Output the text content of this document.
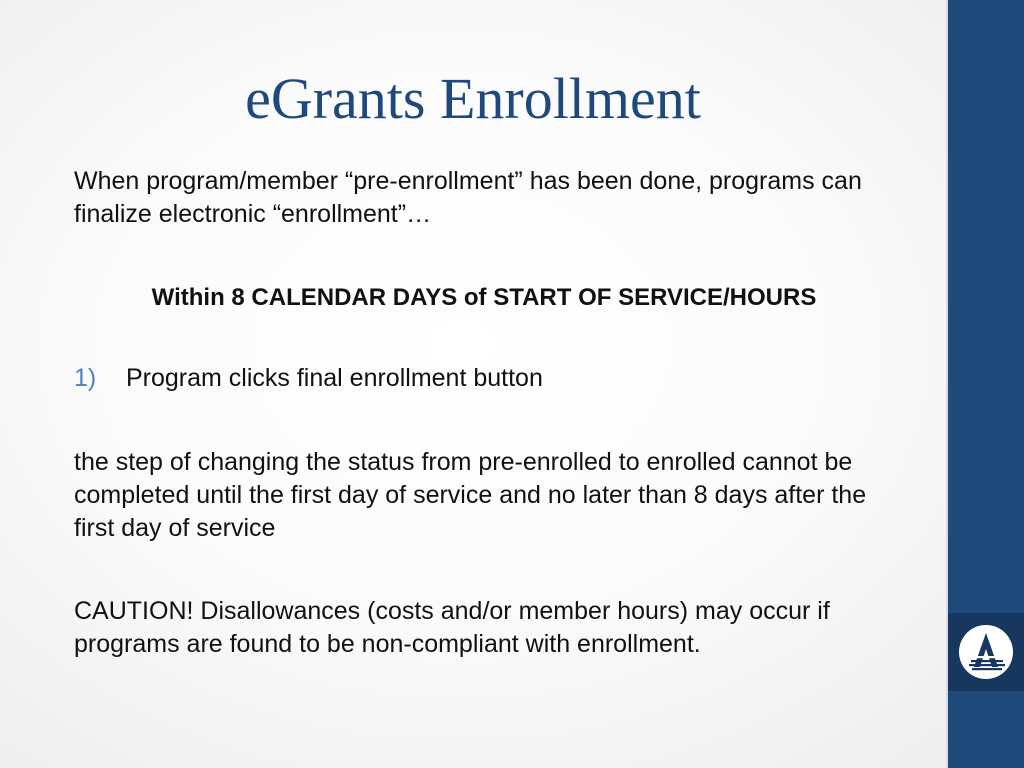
eGrants Enrollment
When program/member “pre-enrollment” has been done, programs can finalize electronic “enrollment”…
Within 8 CALENDAR DAYS of START OF SERVICE/HOURS
1)	Program clicks final enrollment button
the step of changing the status from pre-enrolled to enrolled cannot be completed until the first day of service and no later than 8 days after the first day of service
CAUTION! Disallowances (costs and/or member hours) may occur if programs are found to be non-compliant with enrollment.
